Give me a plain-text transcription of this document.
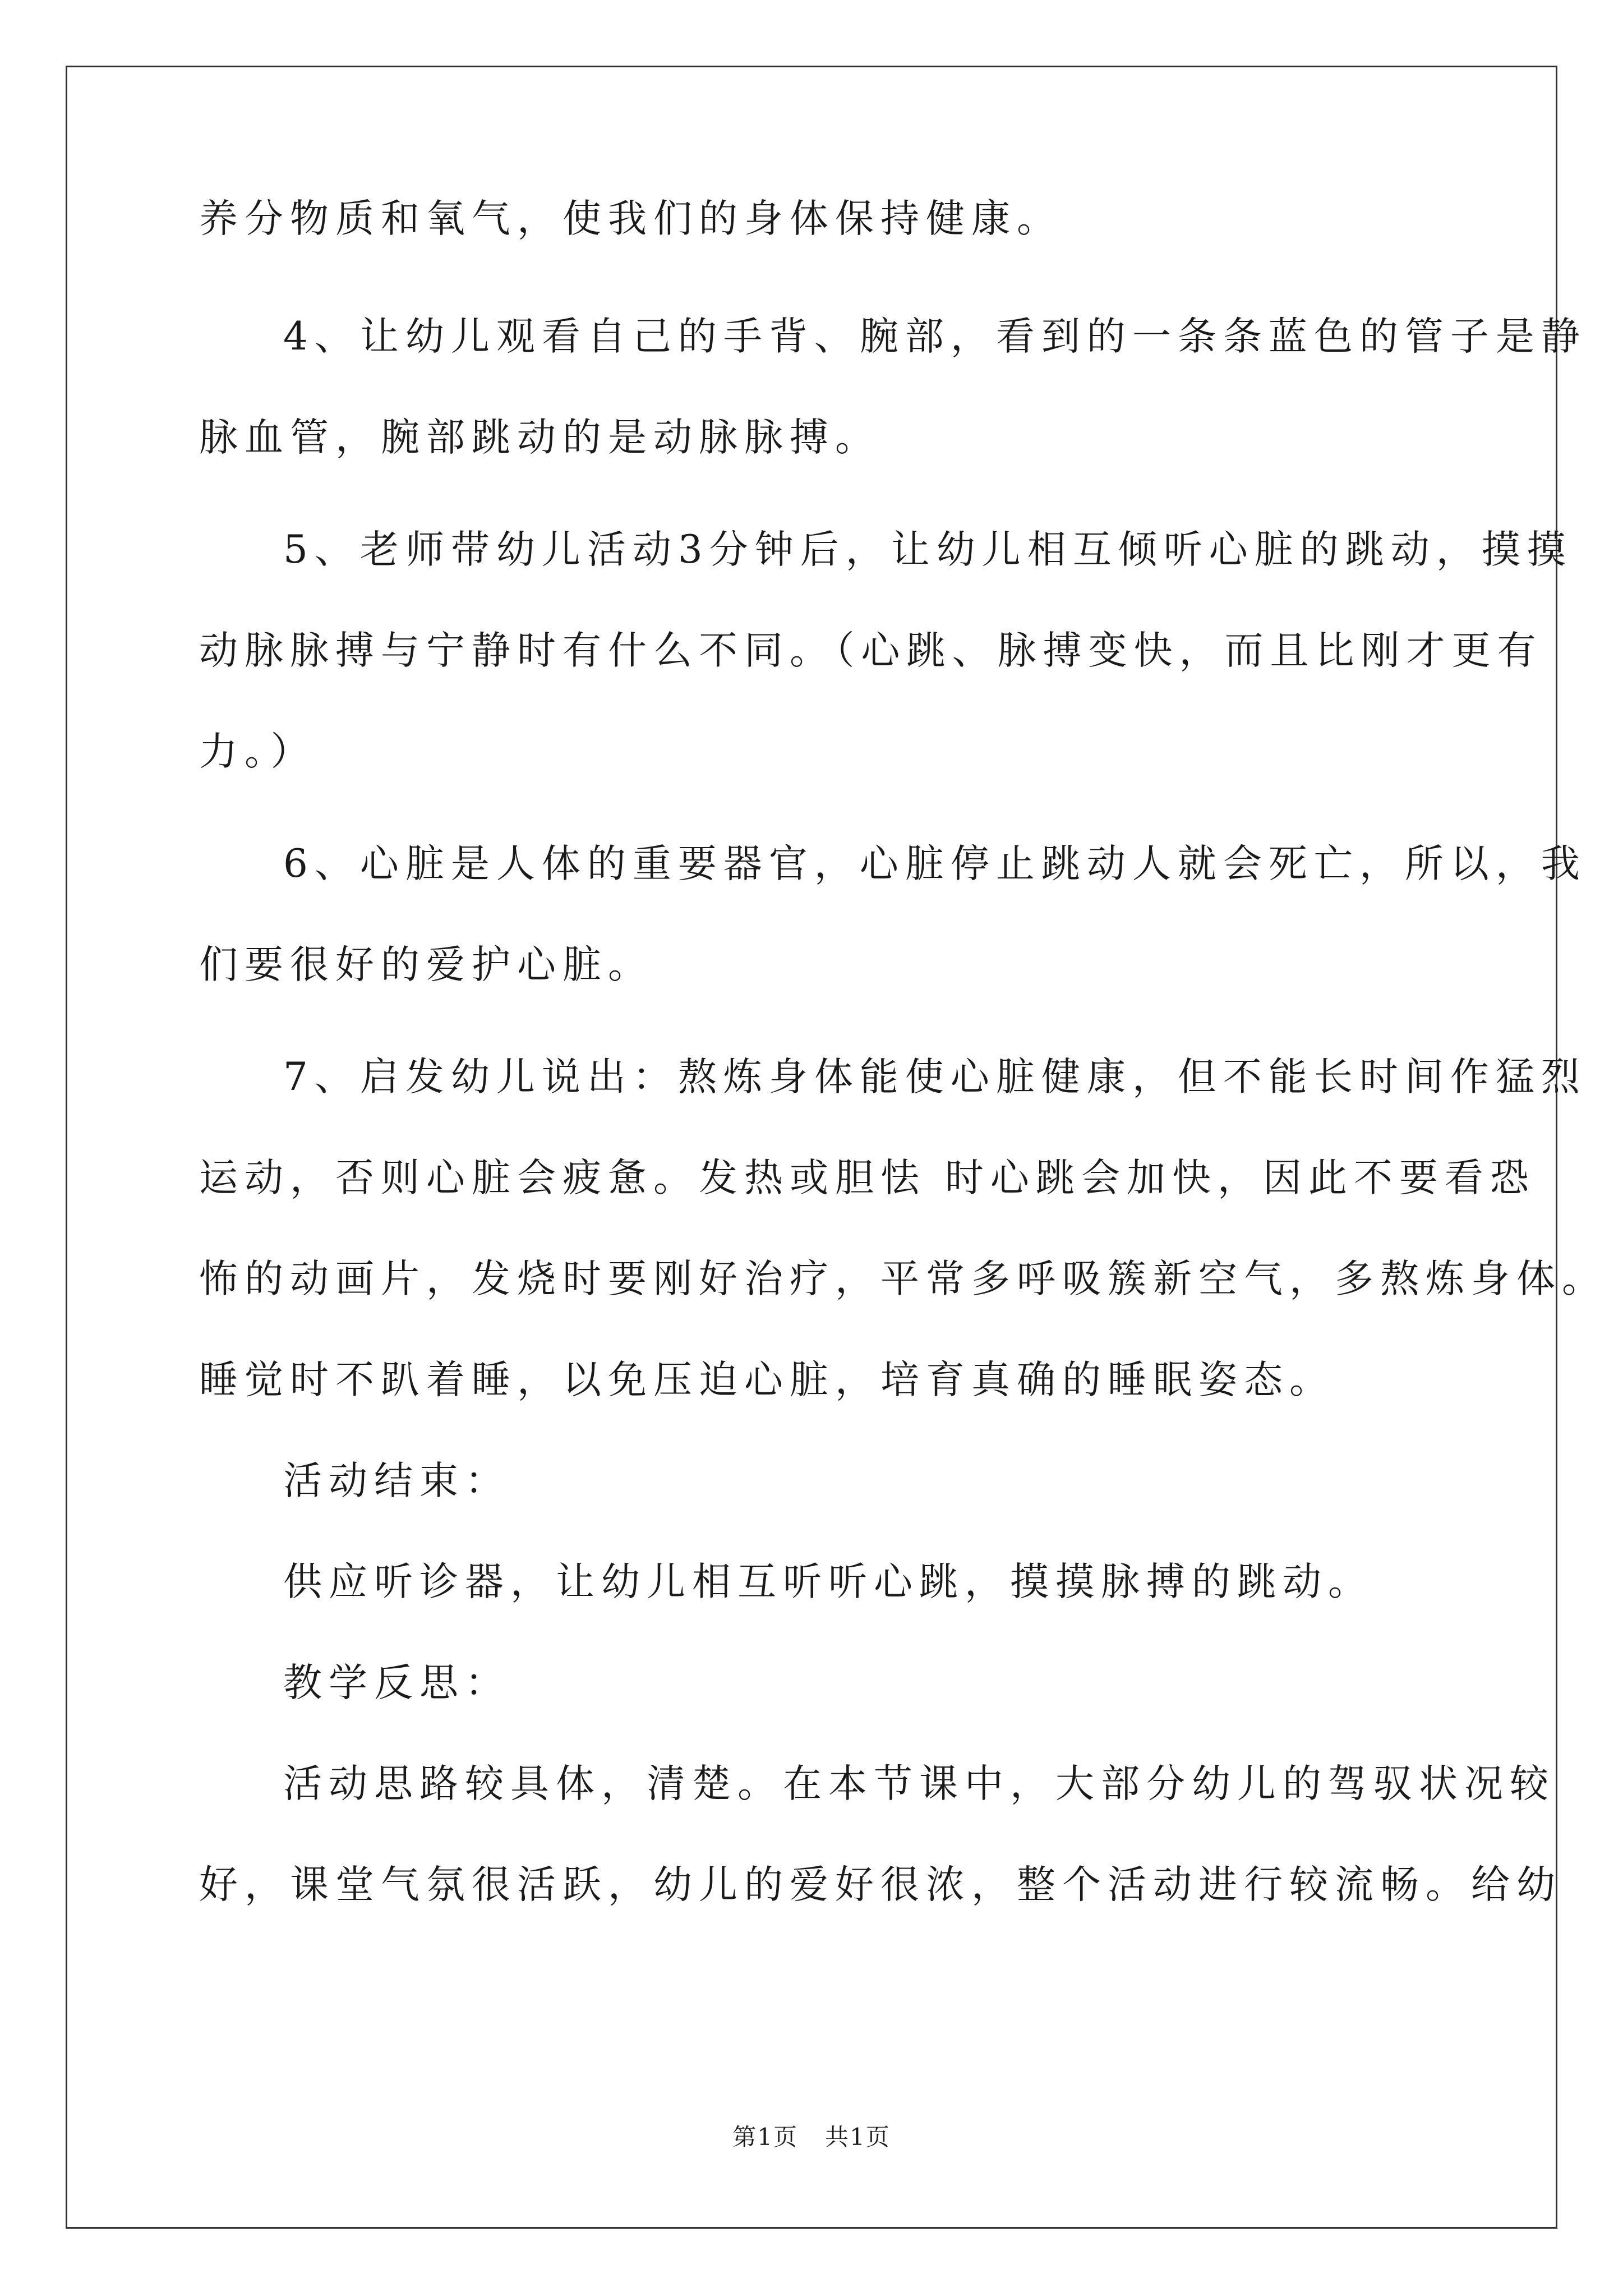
养分物质和氧气，使我们的身体保持健康。
4、让幼儿观看自己的手背、腕部，看到的一条条蓝色的管子是静
脉血管，腕部跳动的是动脉脉搏。
5、老师带幼儿活动3分钟后，让幼儿相互倾听心脏的跳动，摸摸
动脉脉搏与宁静时有什么不同。（心跳、脉搏变快，而且比刚才更有
力。）
6、心脏是人体的重要器官，心脏停止跳动人就会死亡，所以，我
们要很好的爱护心脏。
7、启发幼儿说出：熬炼身体能使心脏健康，但不能长时间作猛烈
运动，否则心脏会疲惫。发热或胆怯 时心跳会加快，因此不要看恐
怖的动画片，发烧时要刚好治疗，平常多呼吸簇新空气，多熬炼身体。
睡觉时不趴着睡，以免压迫心脏，培育真确的睡眠姿态。
活动结束：
供应听诊器，让幼儿相互听听心跳，摸摸脉搏的跳动。
教学反思：
活动思路较具体，清楚。在本节课中，大部分幼儿的驾驭状况较
好，课堂气氛很活跃，幼儿的爱好很浓，整个活动进行较流畅。给幼
第1页 共1页
